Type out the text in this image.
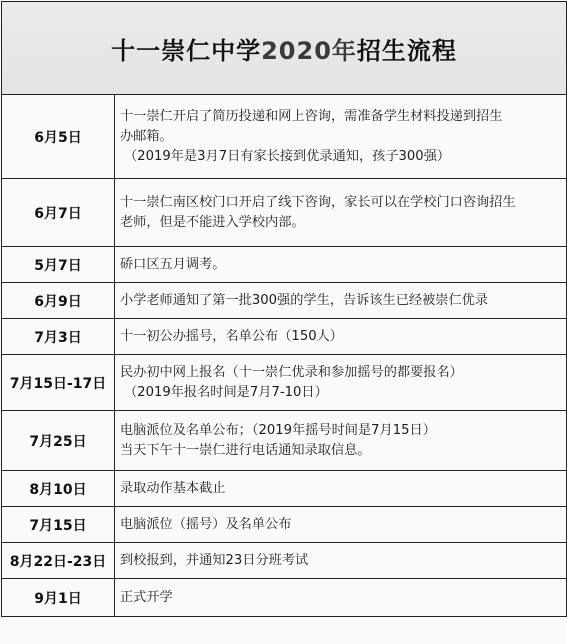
十一崇仁中学2020年招生流程	
6月5日	十一崇仁开启了简历投递和网上咨询，需准备学生材料投递到招生
办邮箱。
（2019年是3月7日有家长接到优录通知，孩子300强）

6月7日	十一崇仁南区校门口开启了线下咨询，家长可以在学校门口咨询招生
老师，但是不能进入学校内部。

5月7日	硚口区五月调考。

6月9日	小学老师通知了第一批300强的学生，告诉该生已经被崇仁优录

7月3日	十一初公办摇号，名单公布（150人）

7月15日-17日	民办初中网上报名（十一崇仁优录和参加摇号的都要报名）
（2019年报名时间是7月7-10日）

7月25日	电脑派位及名单公布；（2019年摇号时间是7月15日）
当天下午十一崇仁进行电话通知录取信息。

8月10日	录取动作基本截止

7月15日	电脑派位（摇号）及名单公布

8月22日-23日	到校报到，并通知23日分班考试

9月1日	正式开学
